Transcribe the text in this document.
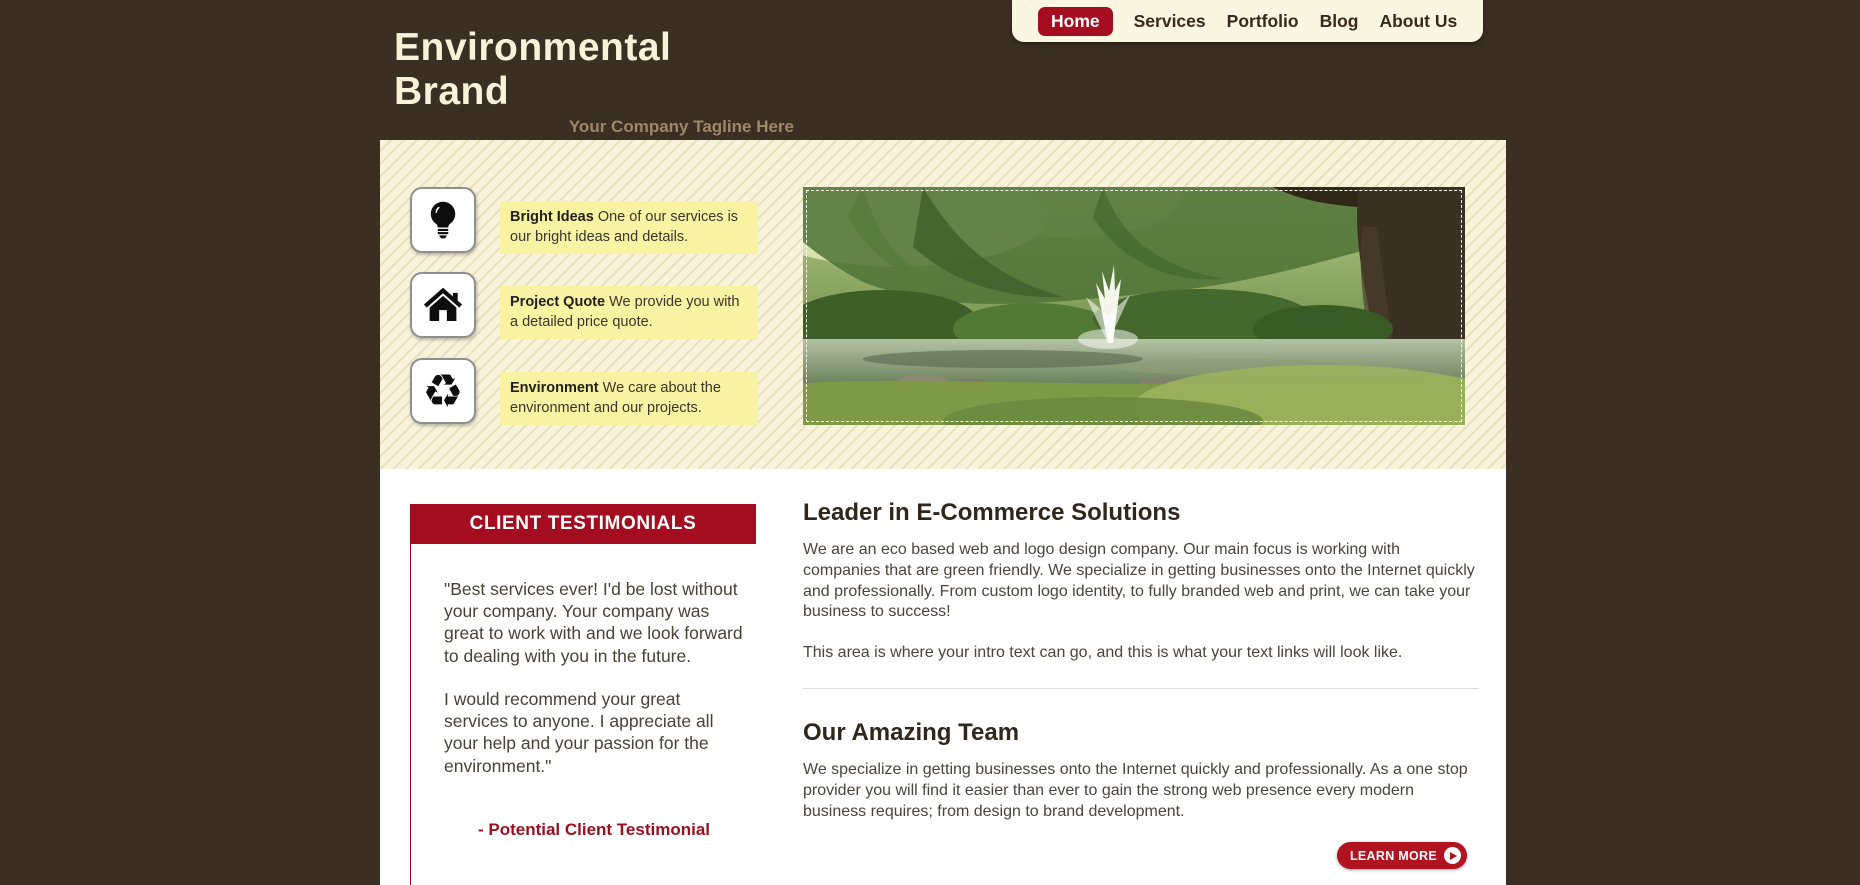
Environmental Brand
Your Company Tagline Here
Home	Services Portfolio Blog About Us
Bright Ideas One of our services is our bright ideas and details.
Project Quote We provide you with a detailed price quote.
♻	Environment We care about the environment and our projects.
CLIENT TESTIMONIALS

"Best services ever! I'd be lost without your company. Your company was great to work with and we look forward to dealing with you in the future.

I would recommend your great services to anyone. I appreciate all your help and your passion for the environment."

- Potential Client Testimonial
Leader in E-Commerce Solutions

We are an eco based web and logo design company. Our main focus is working with companies that are green friendly. We specialize in getting businesses onto the Internet quickly and professionally. From custom logo identity, to fully branded web and print, we can take your business to success!

This area is where your intro text can go, and this is what your text links will look like.

Our Amazing Team

We specialize in getting businesses onto the Internet quickly and professionally. As a one stop provider you will find it easier than ever to gain the strong web presence every modern business requires; from design to brand development.

LEARN MORE
